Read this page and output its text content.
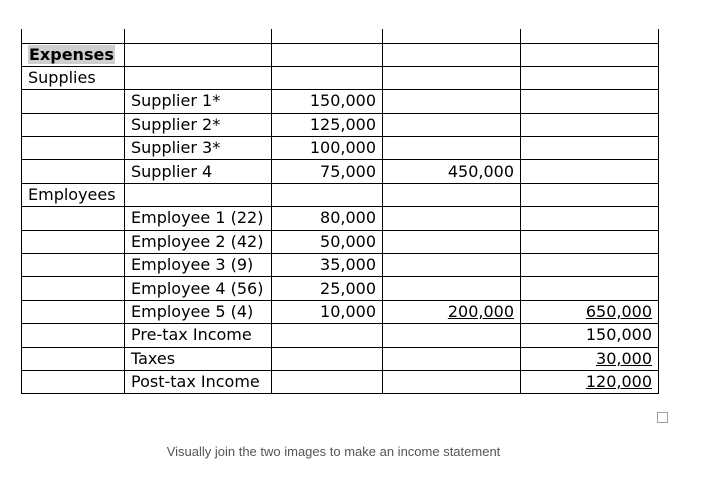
Expenses				
Supplies				
	Supplier 1*	150,000		
	Supplier 2*	125,000		
	Supplier 3*	100,000		
	Supplier 4	75,000	450,000	
Employees				
	Employee 1 (22)	80,000		
	Employee 2 (42)	50,000		
	Employee 3 (9)	35,000		
	Employee 4 (56)	25,000		
	Employee 5 (4)	10,000	200,000	650,000
	Pre-tax Income			150,000
	Taxes			30,000
	Post-tax Income			120,000
Visually join the two images to make an income statement
